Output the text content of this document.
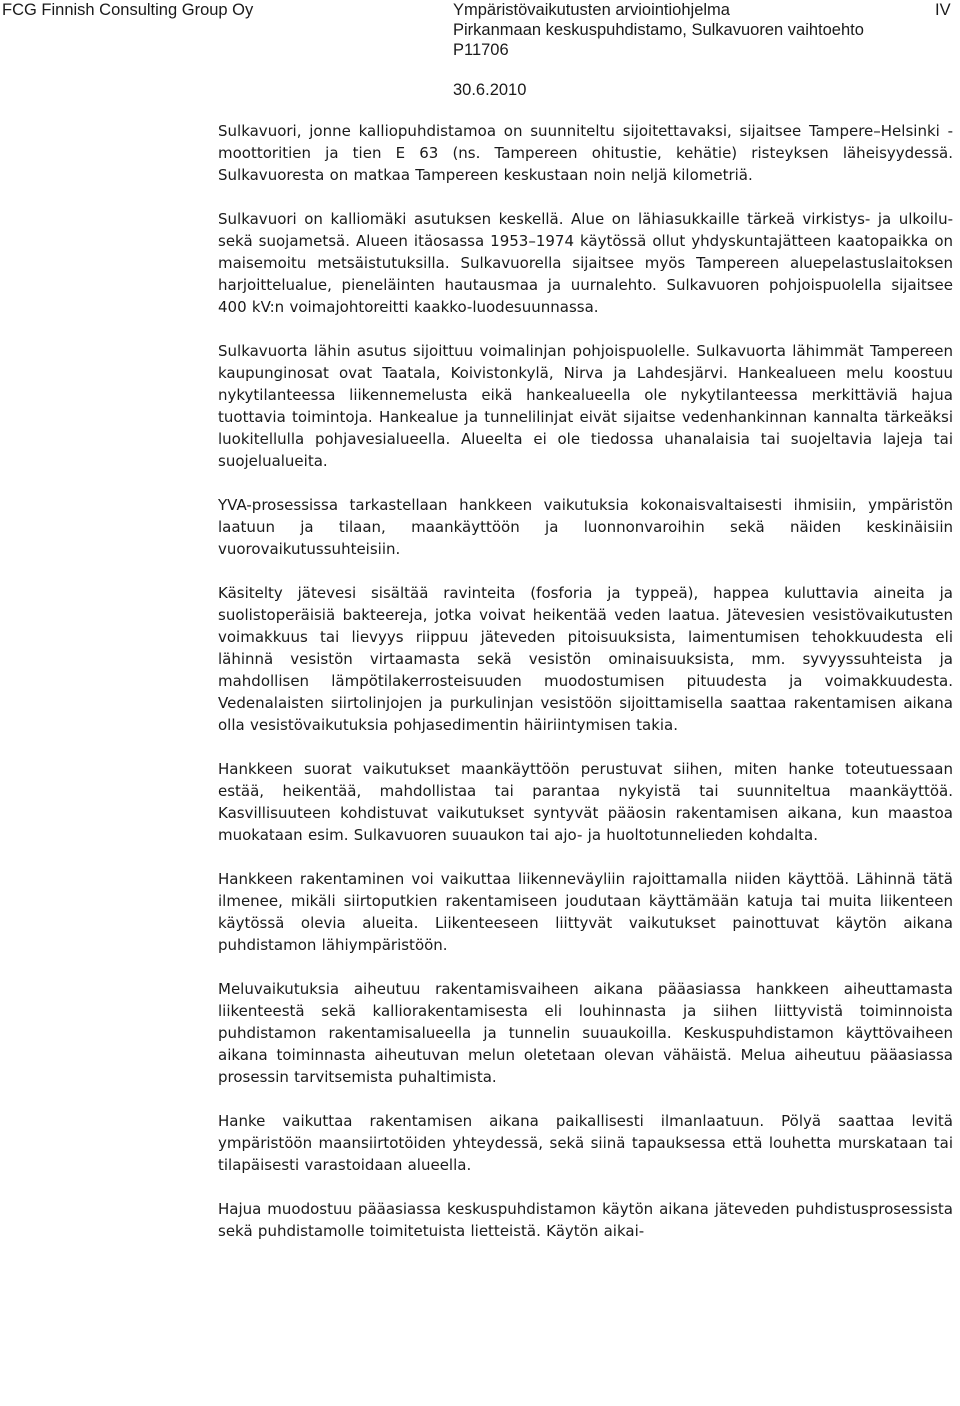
FCG Finnish Consulting Group Oy	Ympäristövaikutusten arviointiohjelma
Pirkanmaan keskuspuhdistamo, Sulkavuoren vaihtoehto
P11706
30.6.2010
IV

Sulkavuori, jonne kalliopuhdistamoa on suunniteltu sijoitettavaksi, sijaitsee Tampere–Helsinki -moottoritien ja tien E 63 (ns. Tampereen ohitustie, kehätie) risteyksen läheisyydessä. Sulkavuoresta on matkaa Tampereen keskustaan noin neljä kilometriä.

Sulkavuori on kalliomäki asutuksen keskellä. Alue on lähiasukkaille tärkeä virkistys- ja ulkoilu- sekä suojametsä. Alueen itäosassa 1953–1974 käytössä ollut yhdyskuntajätteen kaatopaikka on maisemoitu metsäistutuksilla. Sulkavuorella sijaitsee myös Tampereen aluepelastuslaitoksen harjoittelualue, pieneläinten hautausmaa ja uurnalehto. Sulkavuoren pohjoispuolella sijaitsee 400 kV:n voimajohtoreitti kaakko-luodesuunnassa.

Sulkavuorta lähin asutus sijoittuu voimalinjan pohjoispuolelle. Sulkavuorta lähimmät Tampereen kaupunginosat ovat Taatala, Koivistonkylä, Nirva ja Lahdesjärvi. Hankealueen melu koostuu nykytilanteessa liikennemelusta eikä hankealueella ole nykytilanteessa merkittäviä hajua tuottavia toimintoja. Hankealue ja tunnelilinjat eivät sijaitse vedenhankinnan kannalta tärkeäksi luokitellulla pohjavesialueella. Alueelta ei ole tiedossa uhanalaisia tai suojeltavia lajeja tai suojelualueita.

YVA-prosessissa tarkastellaan hankkeen vaikutuksia kokonaisvaltaisesti ihmisiin, ympäristön laatuun ja tilaan, maankäyttöön ja luonnonvaroihin sekä näiden keskinäisiin vuorovaikutussuhteisiin.

Käsitelty jätevesi sisältää ravinteita (fosforia ja typpeä), happea kuluttavia aineita ja suolistoperäisiä bakteereja, jotka voivat heikentää veden laatua. Jätevesien vesistövaikutusten voimakkuus tai lievyys riippuu jäteveden pitoisuuksista, laimentumisen tehokkuudesta eli lähinnä vesistön virtaamasta sekä vesistön ominaisuuksista, mm. syvyyssuhteista ja mahdollisen lämpötilakerrosteisuuden muodostumisen pituudesta ja voimakkuudesta. Vedenalaisten siirtolinjojen ja purkulinjan vesistöön sijoittamisella saattaa rakentamisen aikana olla vesistövaikutuksia pohjasedimentin häiriintymisen takia.

Hankkeen suorat vaikutukset maankäyttöön perustuvat siihen, miten hanke toteutuessaan estää, heikentää, mahdollistaa tai parantaa nykyistä tai suunniteltua maankäyttöä. Kasvillisuuteen kohdistuvat vaikutukset syntyvät pääosin rakentamisen aikana, kun maastoa muokataan esim. Sulkavuoren suuaukon tai ajo- ja huoltotunnelieden kohdalta.

Hankkeen rakentaminen voi vaikuttaa liikenneväyliin rajoittamalla niiden käyttöä. Lähinnä tätä ilmenee, mikäli siirtoputkien rakentamiseen joudutaan käyttämään katuja tai muita liikenteen käytössä olevia alueita. Liikenteeseen liittyvät vaikutukset painottuvat käytön aikana puhdistamon lähiympäristöön.

Meluvaikutuksia aiheutuu rakentamisvaiheen aikana pääasiassa hankkeen aiheuttamasta liikenteestä sekä kalliorakentamisesta eli louhinnasta ja siihen liittyvistä toiminnoista puhdistamon rakentamisalueella ja tunnelin suuaukoilla. Keskuspuhdistamon käyttövaiheen aikana toiminnasta aiheutuvan melun oletetaan olevan vähäistä. Melua aiheutuu pääasiassa prosessin tarvitsemista puhaltimista.

Hanke vaikuttaa rakentamisen aikana paikallisesti ilmanlaatuun. Pölyä saattaa levitä ympäristöön maansiirtotöiden yhteydessä, sekä siinä tapauksessa että louhetta murskataan tai tilapäisesti varastoidaan alueella.

Hajua muodostuu pääasiassa keskuspuhdistamon käytön aikana jäteveden puhdistusprosessista sekä puhdistamolle toimitetuista lietteistä. Käytön aikai-
